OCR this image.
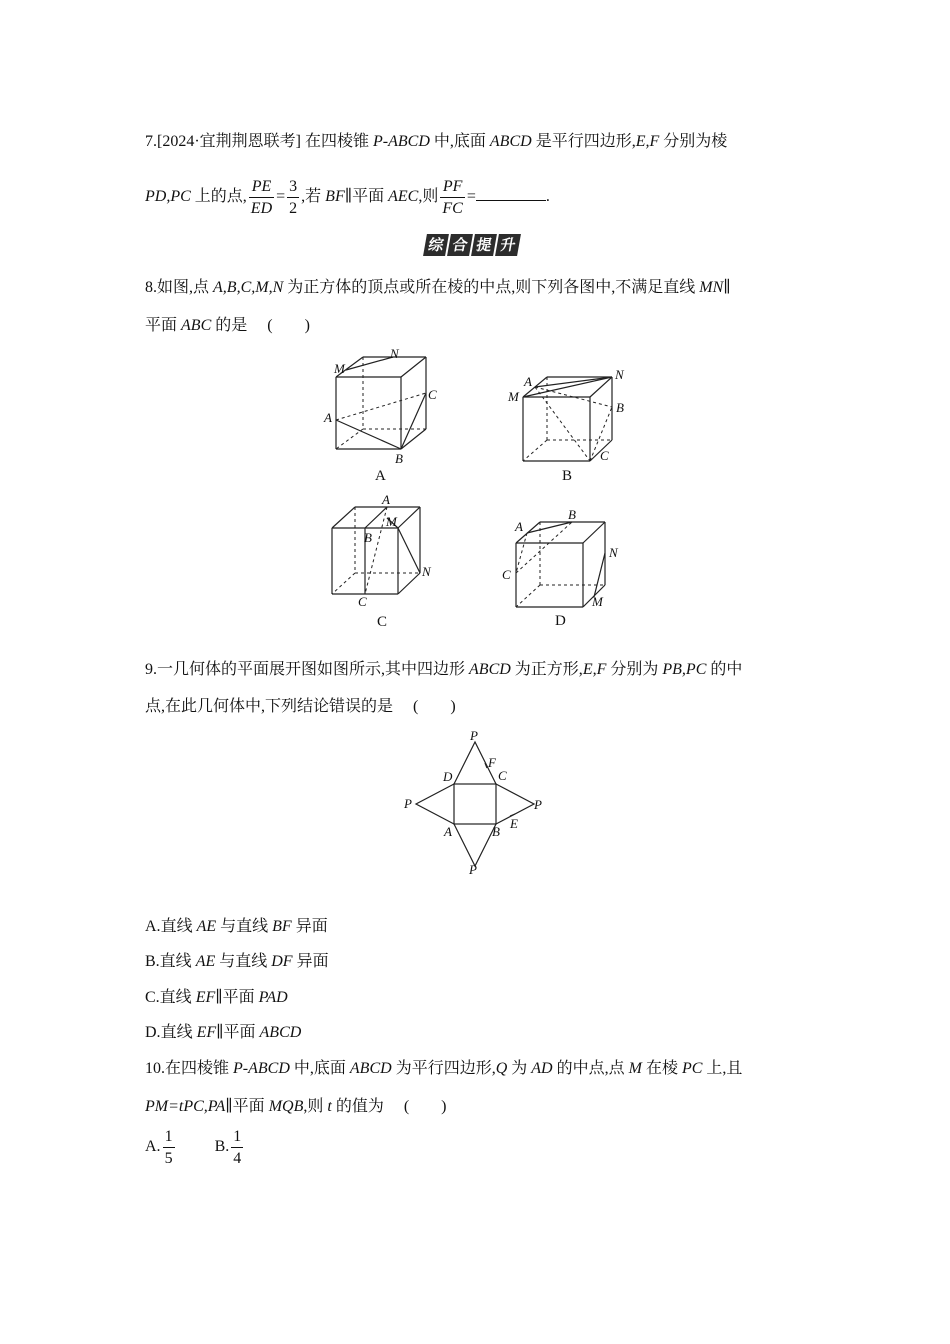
7.[2024·宜荆荆恩联考] 在四棱锥 P-ABCD 中,底面 ABCD 是平行四边形,E,F 分别为棱
PD,PC 上的点, $\frac{PE}{ED} = \frac{3}{2}$ ,若 BF∥平面 AEC,则 $\frac{PF}{FC}$ =	.
综 合 提 升
8.如图,点 A,B,C,M,N 为正方体的顶点或所在棱的中点,则下列各图中,不满足直线 MN∥
平面 ABC 的是　 (　　)
M
N
A
B
C
A
A
M
N
B
C
B
A
M
B
N
C
C
A
B
C
N
M
D
9.一几何体的平面展开图如图所示,其中四边形 ABCD 为正方形,E,F 分别为 PB,PC 的中
点,在此几何体中,下列结论错误的是　 (　　)
P
F
D	C
P	P
A	B
E
P
A.直线 AE 与直线 BF 异面
B.直线 AE 与直线 DF 异面
C.直线 EF∥平面 PAD
D.直线 EF∥平面 ABCD
10.在四棱锥 P-ABCD 中,底面 ABCD 为平行四边形,Q 为 AD 的中点,点 M 在棱 PC 上,且
PM=tPC,PA∥平面 MQB,则 t 的值为　 (　　)
A. $\frac{1}{5}$	B. $\frac{1}{4}$
